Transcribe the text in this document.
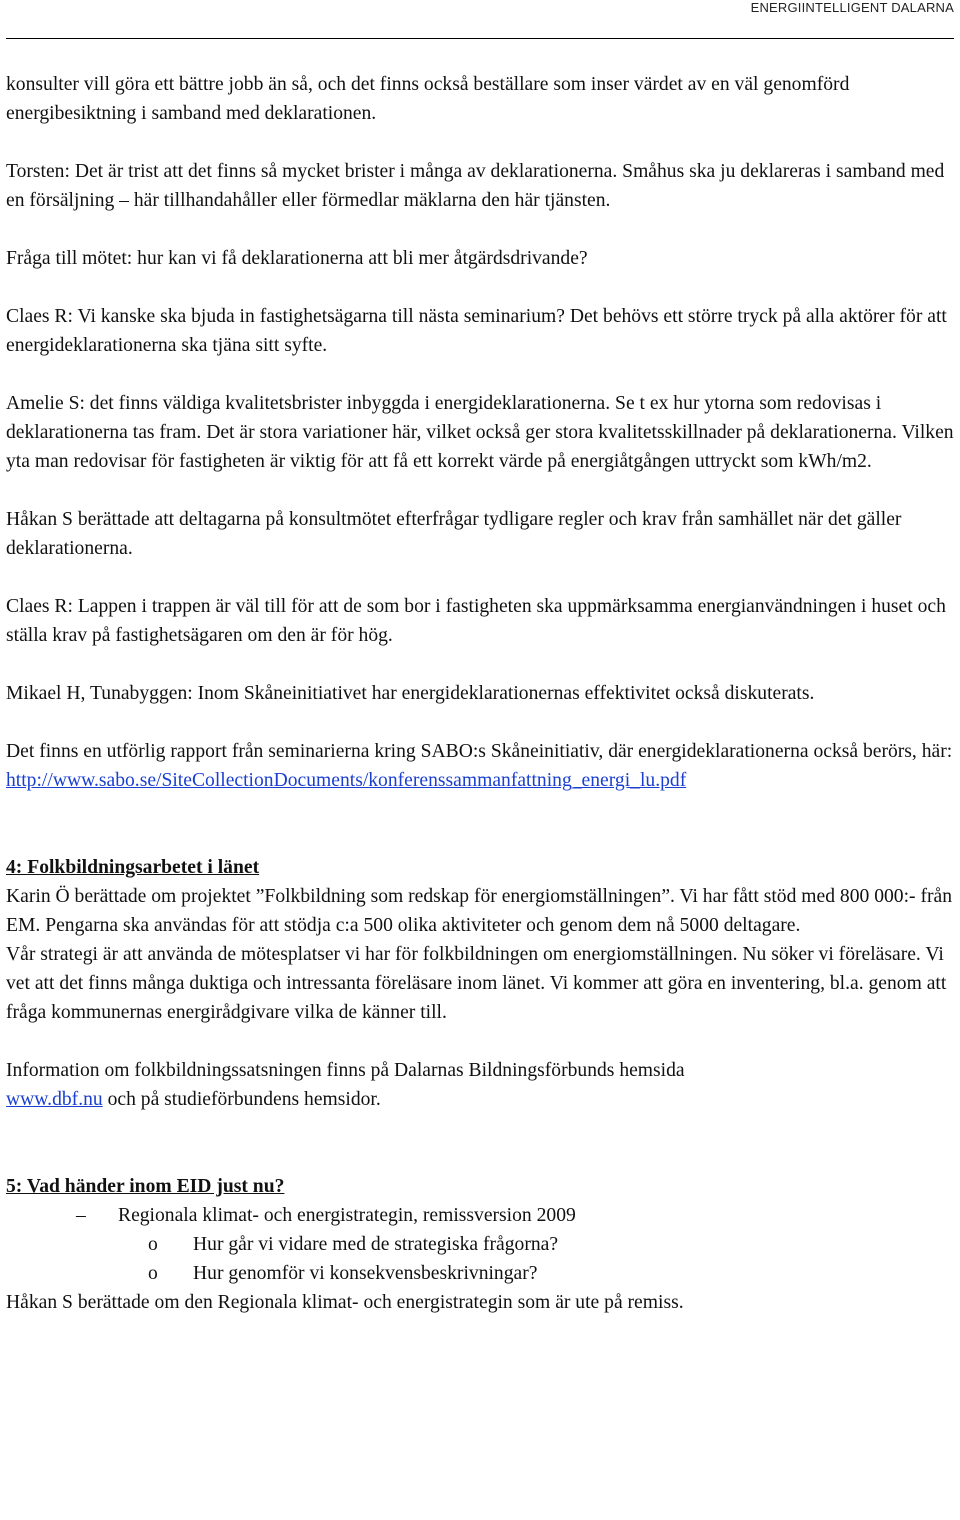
ENERGIINTELLIGENT DALARNA

konsulter vill göra ett bättre jobb än så, och det finns också beställare som inser värdet av en väl genomförd energibesiktning i samband med deklarationen.

Torsten: Det är trist att det finns så mycket brister i många av deklarationerna. Småhus ska ju deklareras i samband med en försäljning – här tillhandahåller eller förmedlar mäklarna den här tjänsten.

Fråga till mötet: hur kan vi få deklarationerna att bli mer åtgärdsdrivande?

Claes R: Vi kanske ska bjuda in fastighetsägarna till nästa seminarium? Det behövs ett större tryck på alla aktörer för att energideklarationerna ska tjäna sitt syfte.

Amelie S: det finns väldiga kvalitetsbrister inbyggda i energideklarationerna. Se t ex hur ytorna som redovisas i deklarationerna tas fram. Det är stora variationer här, vilket också ger stora kvalitetsskillnader på deklarationerna. Vilken yta man redovisar för fastigheten är viktig för att få ett korrekt värde på energiåtgången uttryckt som kWh/m2.

Håkan S berättade att deltagarna på konsultmötet efterfrågar tydligare regler och krav från samhället när det gäller deklarationerna.

Claes R: Lappen i trappen är väl till för att de som bor i fastigheten ska uppmärksamma energianvändningen i huset och ställa krav på fastighetsägaren om den är för hög.

Mikael H, Tunabyggen: Inom Skåneinitiativet har energideklarationernas effektivitet också diskuterats.

Det finns en utförlig rapport från seminarierna kring SABO:s Skåneinitiativ, där energideklarationerna också berörs, här:
http://www.sabo.se/SiteCollectionDocuments/konferenssammanfattning_energi_lu.pdf

4: Folkbildningsarbetet i länet
Karin Ö berättade om projektet ”Folkbildning som redskap för energiomställningen”. Vi har fått stöd med 800 000:- från EM. Pengarna ska användas för att stödja c:a 500 olika aktiviteter och genom dem nå 5000 deltagare.

Vår strategi är att använda de mötesplatser vi har för folkbildningen om energiomställningen. Nu söker vi föreläsare. Vi vet att det finns många duktiga och intressanta föreläsare inom länet. Vi kommer att göra en inventering, bl.a. genom att fråga kommunernas energirådgivare vilka de känner till.

Information om folkbildningssatsningen finns på Dalarnas Bildningsförbunds hemsida
www.dbf.nu och på studieförbundens hemsidor.

5: Vad händer inom EID just nu?
– Regionala klimat- och energistrategin, remissversion 2009
o Hur går vi vidare med de strategiska frågorna?
o Hur genomför vi konsekvensbeskrivningar?
Håkan S berättade om den Regionala klimat- och energistrategin som är ute på remiss.
